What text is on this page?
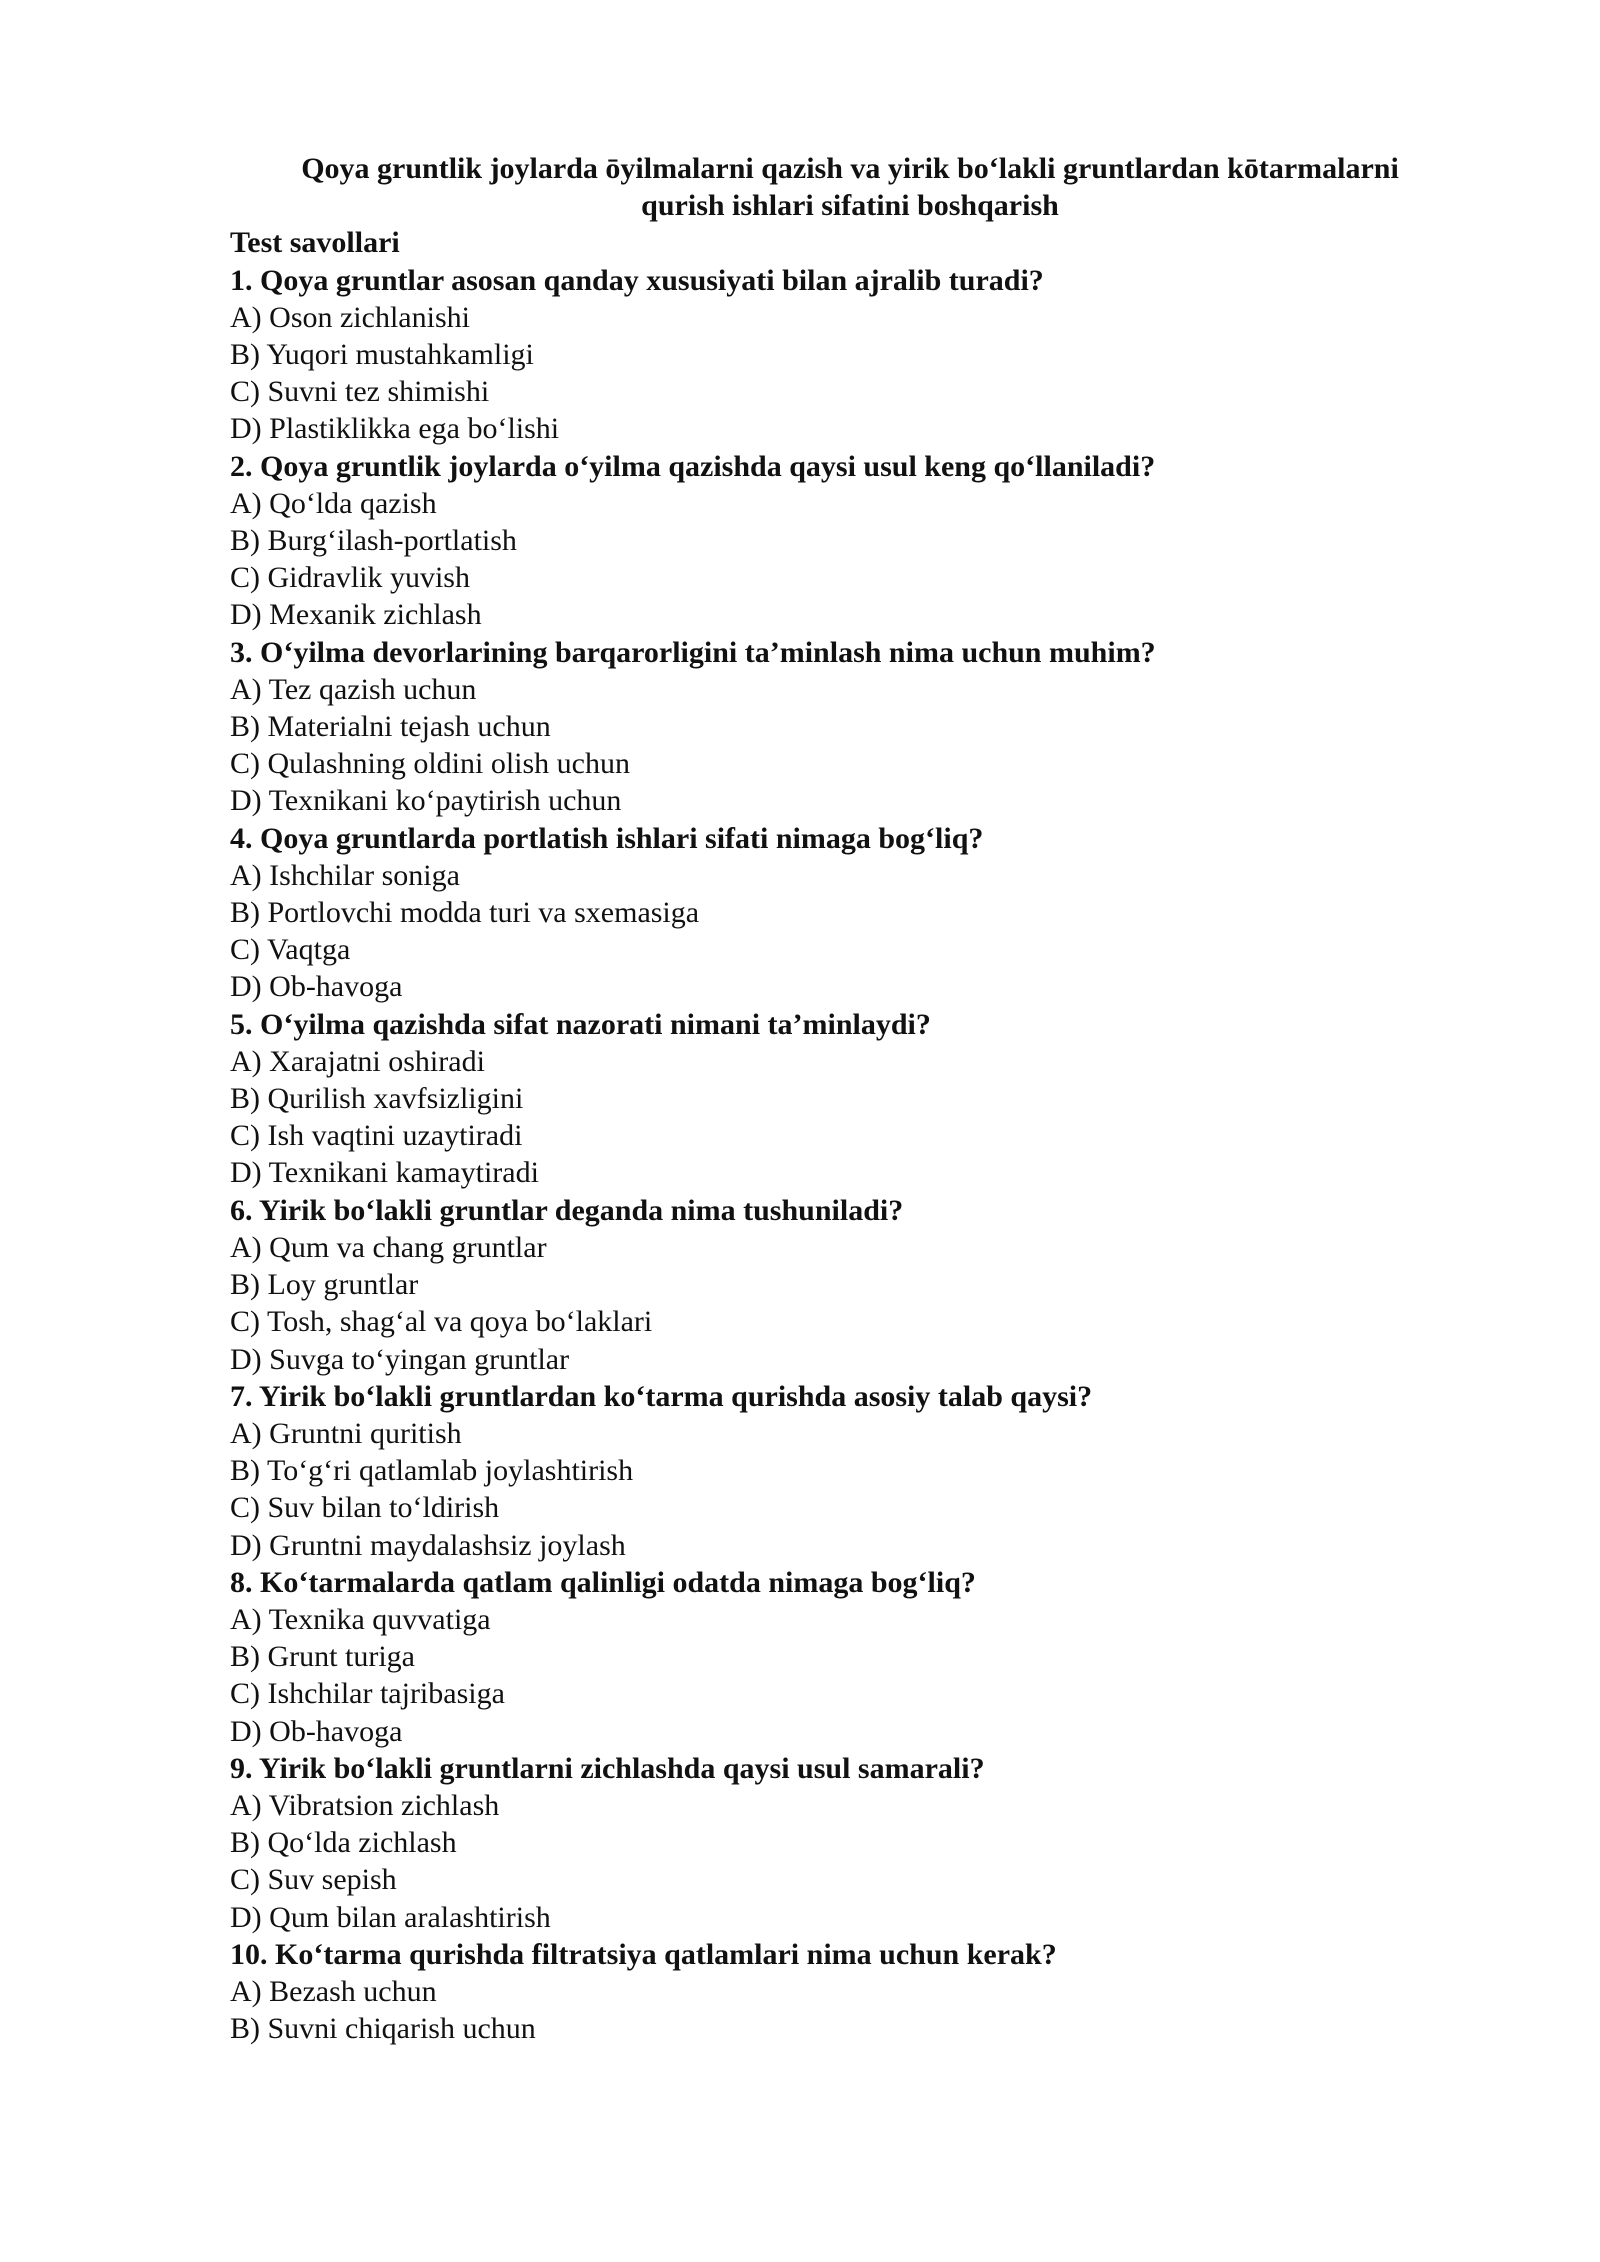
Qoya gruntlik joylarda ōyilmalarni qazish va yirik bo‘lakli gruntlardan kōtarmalarni
qurish ishlari sifatini boshqarish
Test savollari
1. Qoya gruntlar asosan qanday xususiyati bilan ajralib turadi?
A) Oson zichlanishi
B) Yuqori mustahkamligi
C) Suvni tez shimishi
D) Plastiklikka ega bo‘lishi
2. Qoya gruntlik joylarda o‘yilma qazishda qaysi usul keng qo‘llaniladi?
A) Qo‘lda qazish
B) Burg‘ilash-portlatish
C) Gidravlik yuvish
D) Mexanik zichlash
3. O‘yilma devorlarining barqarorligini ta’minlash nima uchun muhim?
A) Tez qazish uchun
B) Materialni tejash uchun
C) Qulashning oldini olish uchun
D) Texnikani ko‘paytirish uchun
4. Qoya gruntlarda portlatish ishlari sifati nimaga bog‘liq?
A) Ishchilar soniga
B) Portlovchi modda turi va sxemasiga
C) Vaqtga
D) Ob-havoga
5. O‘yilma qazishda sifat nazorati nimani ta’minlaydi?
A) Xarajatni oshiradi
B) Qurilish xavfsizligini
C) Ish vaqtini uzaytiradi
D) Texnikani kamaytiradi
6. Yirik bo‘lakli gruntlar deganda nima tushuniladi?
A) Qum va chang gruntlar
B) Loy gruntlar
C) Tosh, shag‘al va qoya bo‘laklari
D) Suvga to‘yingan gruntlar
7. Yirik bo‘lakli gruntlardan ko‘tarma qurishda asosiy talab qaysi?
A) Gruntni quritish
B) To‘g‘ri qatlamlab joylashtirish
C) Suv bilan to‘ldirish
D) Gruntni maydalashsiz joylash
8. Ko‘tarmalarda qatlam qalinligi odatda nimaga bog‘liq?
A) Texnika quvvatiga
B) Grunt turiga
C) Ishchilar tajribasiga
D) Ob-havoga
9. Yirik bo‘lakli gruntlarni zichlashda qaysi usul samarali?
A) Vibratsion zichlash
B) Qo‘lda zichlash
C) Suv sepish
D) Qum bilan aralashtirish
10. Ko‘tarma qurishda filtratsiya qatlamlari nima uchun kerak?
A) Bezash uchun
B) Suvni chiqarish uchun
